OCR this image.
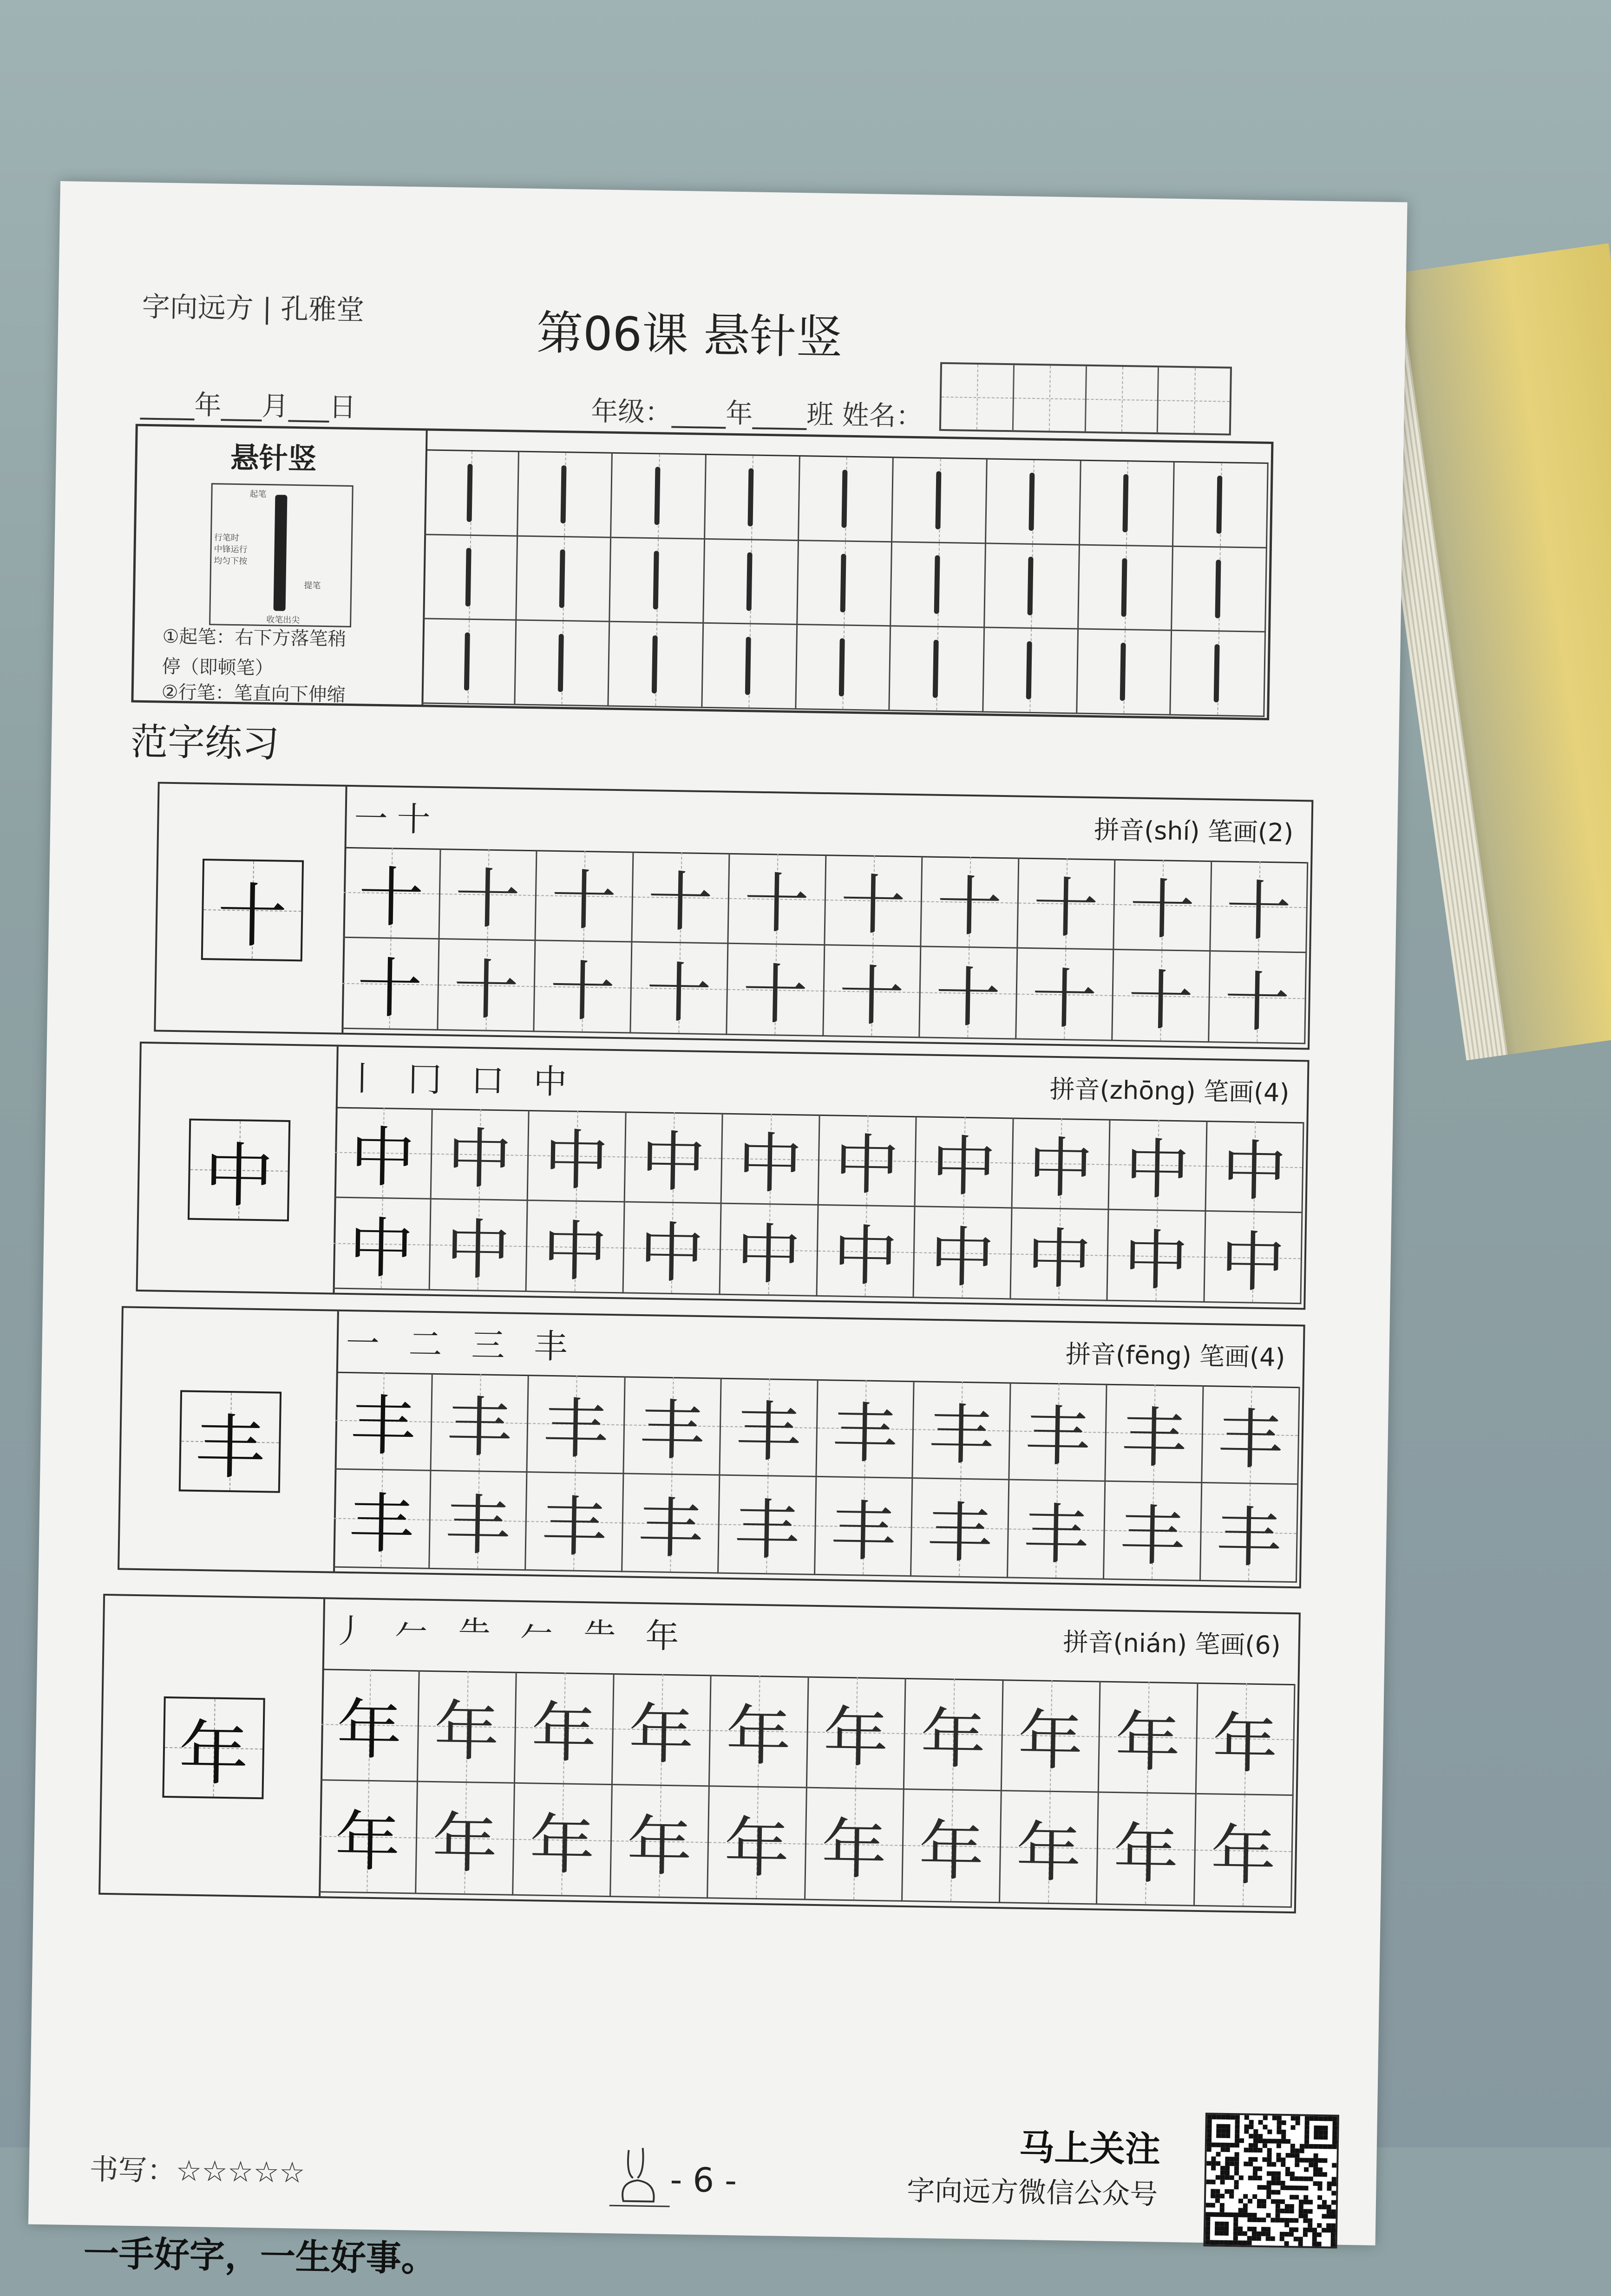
字向远方 | 孔雅堂	第06课 悬针竖
____年___月___日	年级：____年____班 姓名：
悬针竖
起笔
行笔时
中锋运行
均匀下按
提笔
收笔出尖
①起笔：右下方落笔稍
停（即顿笔）
②行笔：笔直向下伸缩
范字练习
十
一十	拼音(shí) 笔画(2)
十 十 十 十 十 十 十 十 十 十
十 十 十 十 十 十 十 十 十 十
中
丨 冂 口 中	拼音(zhōng) 笔画(4)
中 中 中 中 中 中 中 中 中 中
中 中 中 中 中 中 中 中 中 中
丰
一 二 三 丰	拼音(fēng) 笔画(4)
丰 丰 丰 丰 丰 丰 丰 丰 丰 丰
丰 丰 丰 丰 丰 丰 丰 丰 丰 丰
年
丿 𠂉 ⺧ 𠂉 ⺧ 年	拼音(nián) 笔画(6)
年 年 年 年 年 年 年 年 年 年
年 年 年 年 年 年 年 年 年 年
书写：☆☆☆☆☆	- 6 -
马上关注
字向远方微信公众号
一手好字，一生好事。
